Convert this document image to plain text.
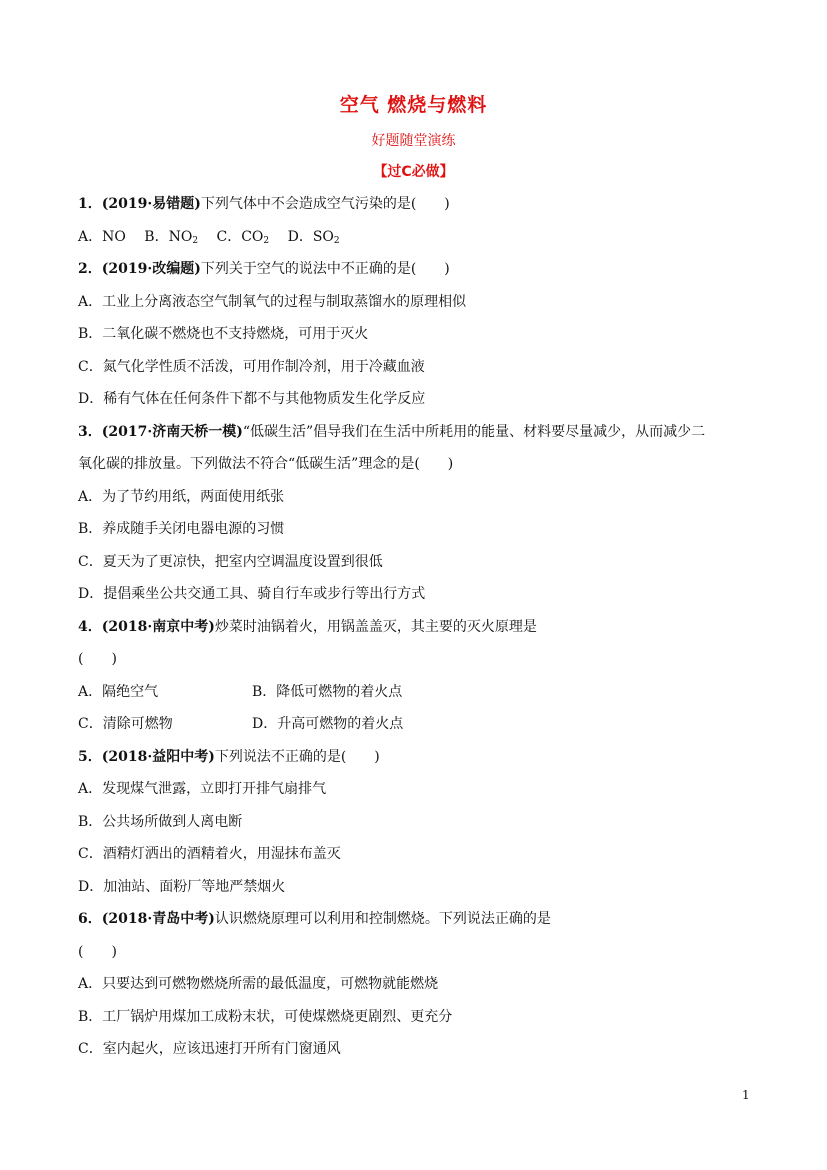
空气 燃烧与燃料
好题随堂演练
【过C必做】
1．(2019·易错题)下列气体中不会造成空气污染的是(　　)
A．NO B．$NO_2$ C．$CO_2$ D．$SO_2$
2．(2019·改编题)下列关于空气的说法中不正确的是(　　)
A．工业上分离液态空气制氧气的过程与制取蒸馏水的原理相似
B．二氧化碳不燃烧也不支持燃烧，可用于灭火
C．氮气化学性质不活泼，可用作制冷剂，用于冷藏血液
D．稀有气体在任何条件下都不与其他物质发生化学反应
3．(2017·济南天桥一模)“低碳生活”倡导我们在生活中所耗用的能量、材料要尽量减少，从而减少二
氧化碳的排放量。下列做法不符合“低碳生活”理念的是(　　)
A．为了节约用纸，两面使用纸张
B．养成随手关闭电器电源的习惯
C．夏天为了更凉快，把室内空调温度设置到很低
D．提倡乘坐公共交通工具、骑自行车或步行等出行方式
4．(2018·南京中考)炒菜时油锅着火，用锅盖盖灭，其主要的灭火原理是
(　　)
A．隔绝空气	B．降低可燃物的着火点
C．清除可燃物	D．升高可燃物的着火点
5．(2018·益阳中考)下列说法不正确的是(　　)
A．发现煤气泄露，立即打开排气扇排气
B．公共场所做到人离电断
C．酒精灯洒出的酒精着火，用湿抹布盖灭
D．加油站、面粉厂等地严禁烟火
6．(2018·青岛中考)认识燃烧原理可以利用和控制燃烧。下列说法正确的是
(　　)
A．只要达到可燃物燃烧所需的最低温度，可燃物就能燃烧
B．工厂锅炉用煤加工成粉末状，可使煤燃烧更剧烈、更充分
C．室内起火，应该迅速打开所有门窗通风
1
